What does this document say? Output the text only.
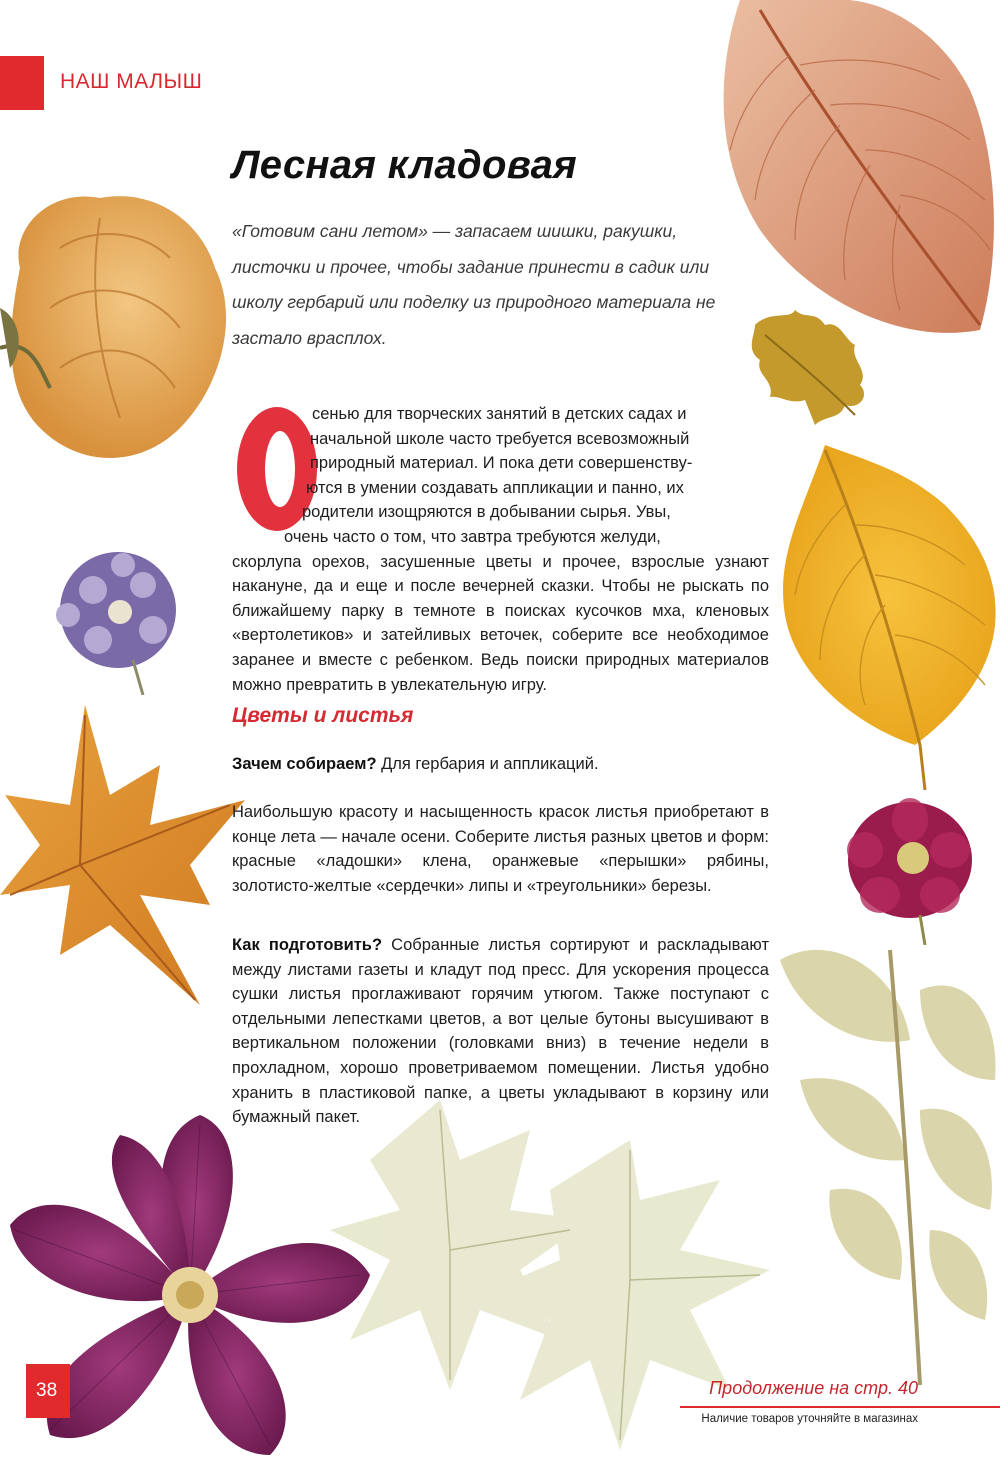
НАШ МАЛЫШ
Лесная кладовая

«Готовим сани летом» — запасаем шишки, ракушки, листочки и прочее, чтобы задание принести в садик или школу гербарий или поделку из природного материала не застало врасплох.

сенью для творческих занятий в детских садах и
начальной школе часто требуется всевозможный
природный материал. И пока дети совершенству-
ются в умении создавать аппликации и панно, их
родители изощряются в добывании сырья. Увы,
очень часто о том, что завтра требуются желуди,
скорлупа орехов, засушенные цветы и прочее, взрослые узнают накануне, да и еще и после вечерней сказки. Чтобы не рыскать по ближайшему парку в темноте в поисках кусочков мха, кленовых «вертолетиков» и затейливых веточек, соберите все необходимое заранее и вместе с ребенком. Ведь поиски природных материалов можно превратить в увлекательную игру.
Цветы и листья

Зачем собираем? Для гербария и аппликаций.

Наибольшую красоту и насыщенность красок листья приобретают в конце лета — начале осени. Соберите листья разных цветов и форм: красные «ладошки» клена, оранжевые «перышки» рябины, золотисто-желтые «сердечки» липы и «треугольники» березы.

Как подготовить? Собранные листья сортируют и раскладывают между листами газеты и кладут под пресс. Для ускорения процесса сушки листья проглаживают горячим утюгом. Также поступают с отдельными лепестками цветов, а вот целые бутоны высушивают в вертикальном положении (головками вниз) в течение недели в прохладном, хорошо проветриваемом помещении. Листья удобно хранить в пластиковой папке, а цветы укладывают в корзину или бумажный пакет.

38	Продолжение на стр. 40
Наличие товаров уточняйте в магазинах
